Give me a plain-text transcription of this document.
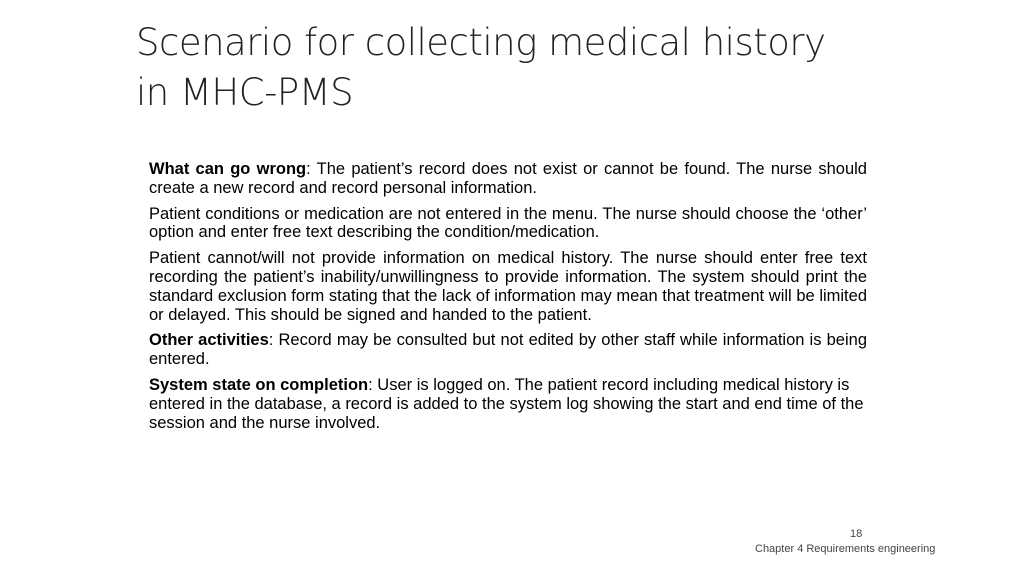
Scenario for collecting medical history
in MHC-PMS

What can go wrong: The patient’s record does not exist or cannot be found. The nurse should create a new record and record personal information.

Patient conditions or medication are not entered in the menu. The nurse should choose the ‘other’ option and enter free text describing the condition/medication.

Patient cannot/will not provide information on medical history. The nurse should enter free text recording the patient’s inability/unwillingness to provide information. The system should print the standard exclusion form stating that the lack of information may mean that treatment will be limited or delayed. This should be signed and handed to the patient.

Other activities: Record may be consulted but not edited by other staff while information is being entered.

System state on completion: User is logged on. The patient record including medical history is entered in the database, a record is added to the system log showing the start and end time of the session and the nurse involved.

18
Chapter 4 Requirements engineering
